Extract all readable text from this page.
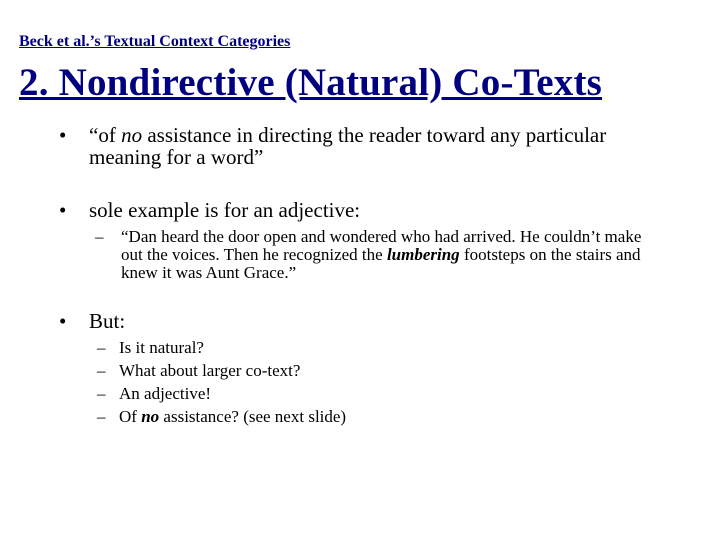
Beck et al.’s Textual Context Categories
2. Nondirective (Natural) Co-Texts
• “of no assistance in directing the reader toward any particular meaning for a word”
• sole example is for an adjective:
– “Dan heard the door open and wondered who had arrived. He couldn’t make out the voices. Then he recognized the lumbering footsteps on the stairs and knew it was Aunt Grace.”
• But:
– Is it natural?
– What about larger co-text?
– An adjective!
– Of no assistance? (see next slide)
